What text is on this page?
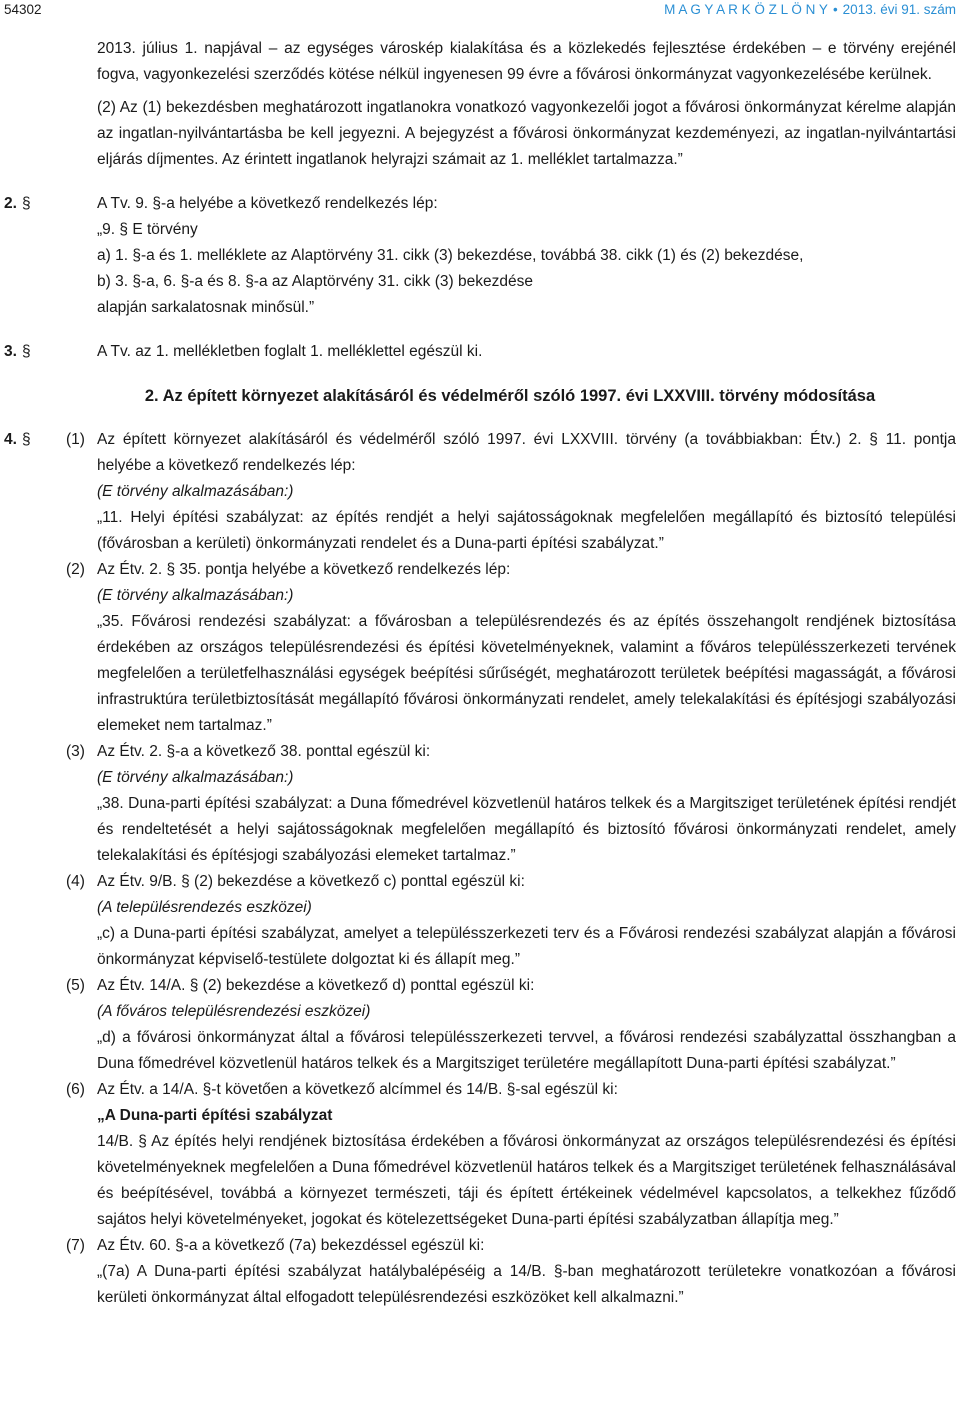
54302	M A G Y A R K Ö Z L Ö N Y • 2013. évi 91. szám
2013. július 1. napjával – az egységes városkép kialakítása és a közlekedés fejlesztése érdekében – e törvény erejénél fogva, vagyonkezelési szerződés kötése nélkül ingyenesen 99 évre a fővárosi önkormányzat vagyonkezelésébe kerülnek.
(2) Az (1) bekezdésben meghatározott ingatlanokra vonatkozó vagyonkezelői jogot a fővárosi önkormányzat kérelme alapján az ingatlan-nyilvántartásba be kell jegyezni. A bejegyzést a fővárosi önkormányzat kezdeményezi, az ingatlan-nyilvántartási eljárás díjmentes. Az érintett ingatlanok helyrajzi számait az 1. melléklet tartalmazza.”
2. §	A Tv. 9. §-a helyébe a következő rendelkezés lép:
„9. § E törvény
a) 1. §-a és 1. melléklete az Alaptörvény 31. cikk (3) bekezdése, továbbá 38. cikk (1) és (2) bekezdése,
b) 3. §-a, 6. §-a és 8. §-a az Alaptörvény 31. cikk (3) bekezdése
alapján sarkalatosnak minősül.”
3. §	A Tv. az 1. mellékletben foglalt 1. melléklettel egészül ki.
2. Az épített környezet alakításáról és védelméről szóló 1997. évi LXXVIII. törvény módosítása
4. § (1) Az épített környezet alakításáról és védelméről szóló 1997. évi LXXVIII. törvény (a továbbiakban: Étv.) 2. § 11. pontja helyébe a következő rendelkezés lép:
(E törvény alkalmazásában:)
„11. Helyi építési szabályzat: az építés rendjét a helyi sajátosságoknak megfelelően megállapító és biztosító települési (fővárosban a kerületi) önkormányzati rendelet és a Duna-parti építési szabályzat.”
(2) Az Étv. 2. § 35. pontja helyébe a következő rendelkezés lép:
(E törvény alkalmazásában:)
„35. Fővárosi rendezési szabályzat: a fővárosban a településrendezés és az építés összehangolt rendjének biztosítása érdekében az országos településrendezési és építési követelményeknek, valamint a főváros településszerkezeti tervének megfelelően a területfelhasználási egységek beépítési sűrűségét, meghatározott területek beépítési magasságát, a fővárosi infrastruktúra területbiztosítását megállapító fővárosi önkormányzati rendelet, amely telekalakítási és építésjogi szabályozási elemeket nem tartalmaz.”
(3) Az Étv. 2. §-a a következő 38. ponttal egészül ki:
(E törvény alkalmazásában:)
„38. Duna-parti építési szabályzat: a Duna főmedrével közvetlenül határos telkek és a Margitsziget területének építési rendjét és rendeltetését a helyi sajátosságoknak megfelelően megállapító és biztosító fővárosi önkormányzati rendelet, amely telekalakítási és építésjogi szabályozási elemeket tartalmaz.”
(4) Az Étv. 9/B. § (2) bekezdése a következő c) ponttal egészül ki:
(A településrendezés eszközei)
„c) a Duna-parti építési szabályzat, amelyet a településszerkezeti terv és a Fővárosi rendezési szabályzat alapján a fővárosi önkormányzat képviselő-testülete dolgoztat ki és állapít meg.”
(5) Az Étv. 14/A. § (2) bekezdése a következő d) ponttal egészül ki:
(A főváros településrendezési eszközei)
„d) a fővárosi önkormányzat által a fővárosi településszerkezeti tervvel, a fővárosi rendezési szabályzattal összhangban a Duna főmedrével közvetlenül határos telkek és a Margitsziget területére megállapított Duna-parti építési szabályzat.”
(6) Az Étv. a 14/A. §-t követően a következő alcímmel és 14/B. §-sal egészül ki:
„A Duna-parti építési szabályzat
14/B. § Az építés helyi rendjének biztosítása érdekében a fővárosi önkormányzat az országos településrendezési és építési követelményeknek megfelelően a Duna főmedrével közvetlenül határos telkek és a Margitsziget területének felhasználásával és beépítésével, továbbá a környezet természeti, táji és épített értékeinek védelmével kapcsolatos, a telkekhez fűződő sajátos helyi követelményeket, jogokat és kötelezettségeket Duna-parti építési szabályzatban állapítja meg.”
(7) Az Étv. 60. §-a a következő (7a) bekezdéssel egészül ki:
„(7a) A Duna-parti építési szabályzat hatálybalépéséig a 14/B. §-ban meghatározott területekre vonatkozóan a fővárosi kerületi önkormányzat által elfogadott településrendezési eszközöket kell alkalmazni.”
